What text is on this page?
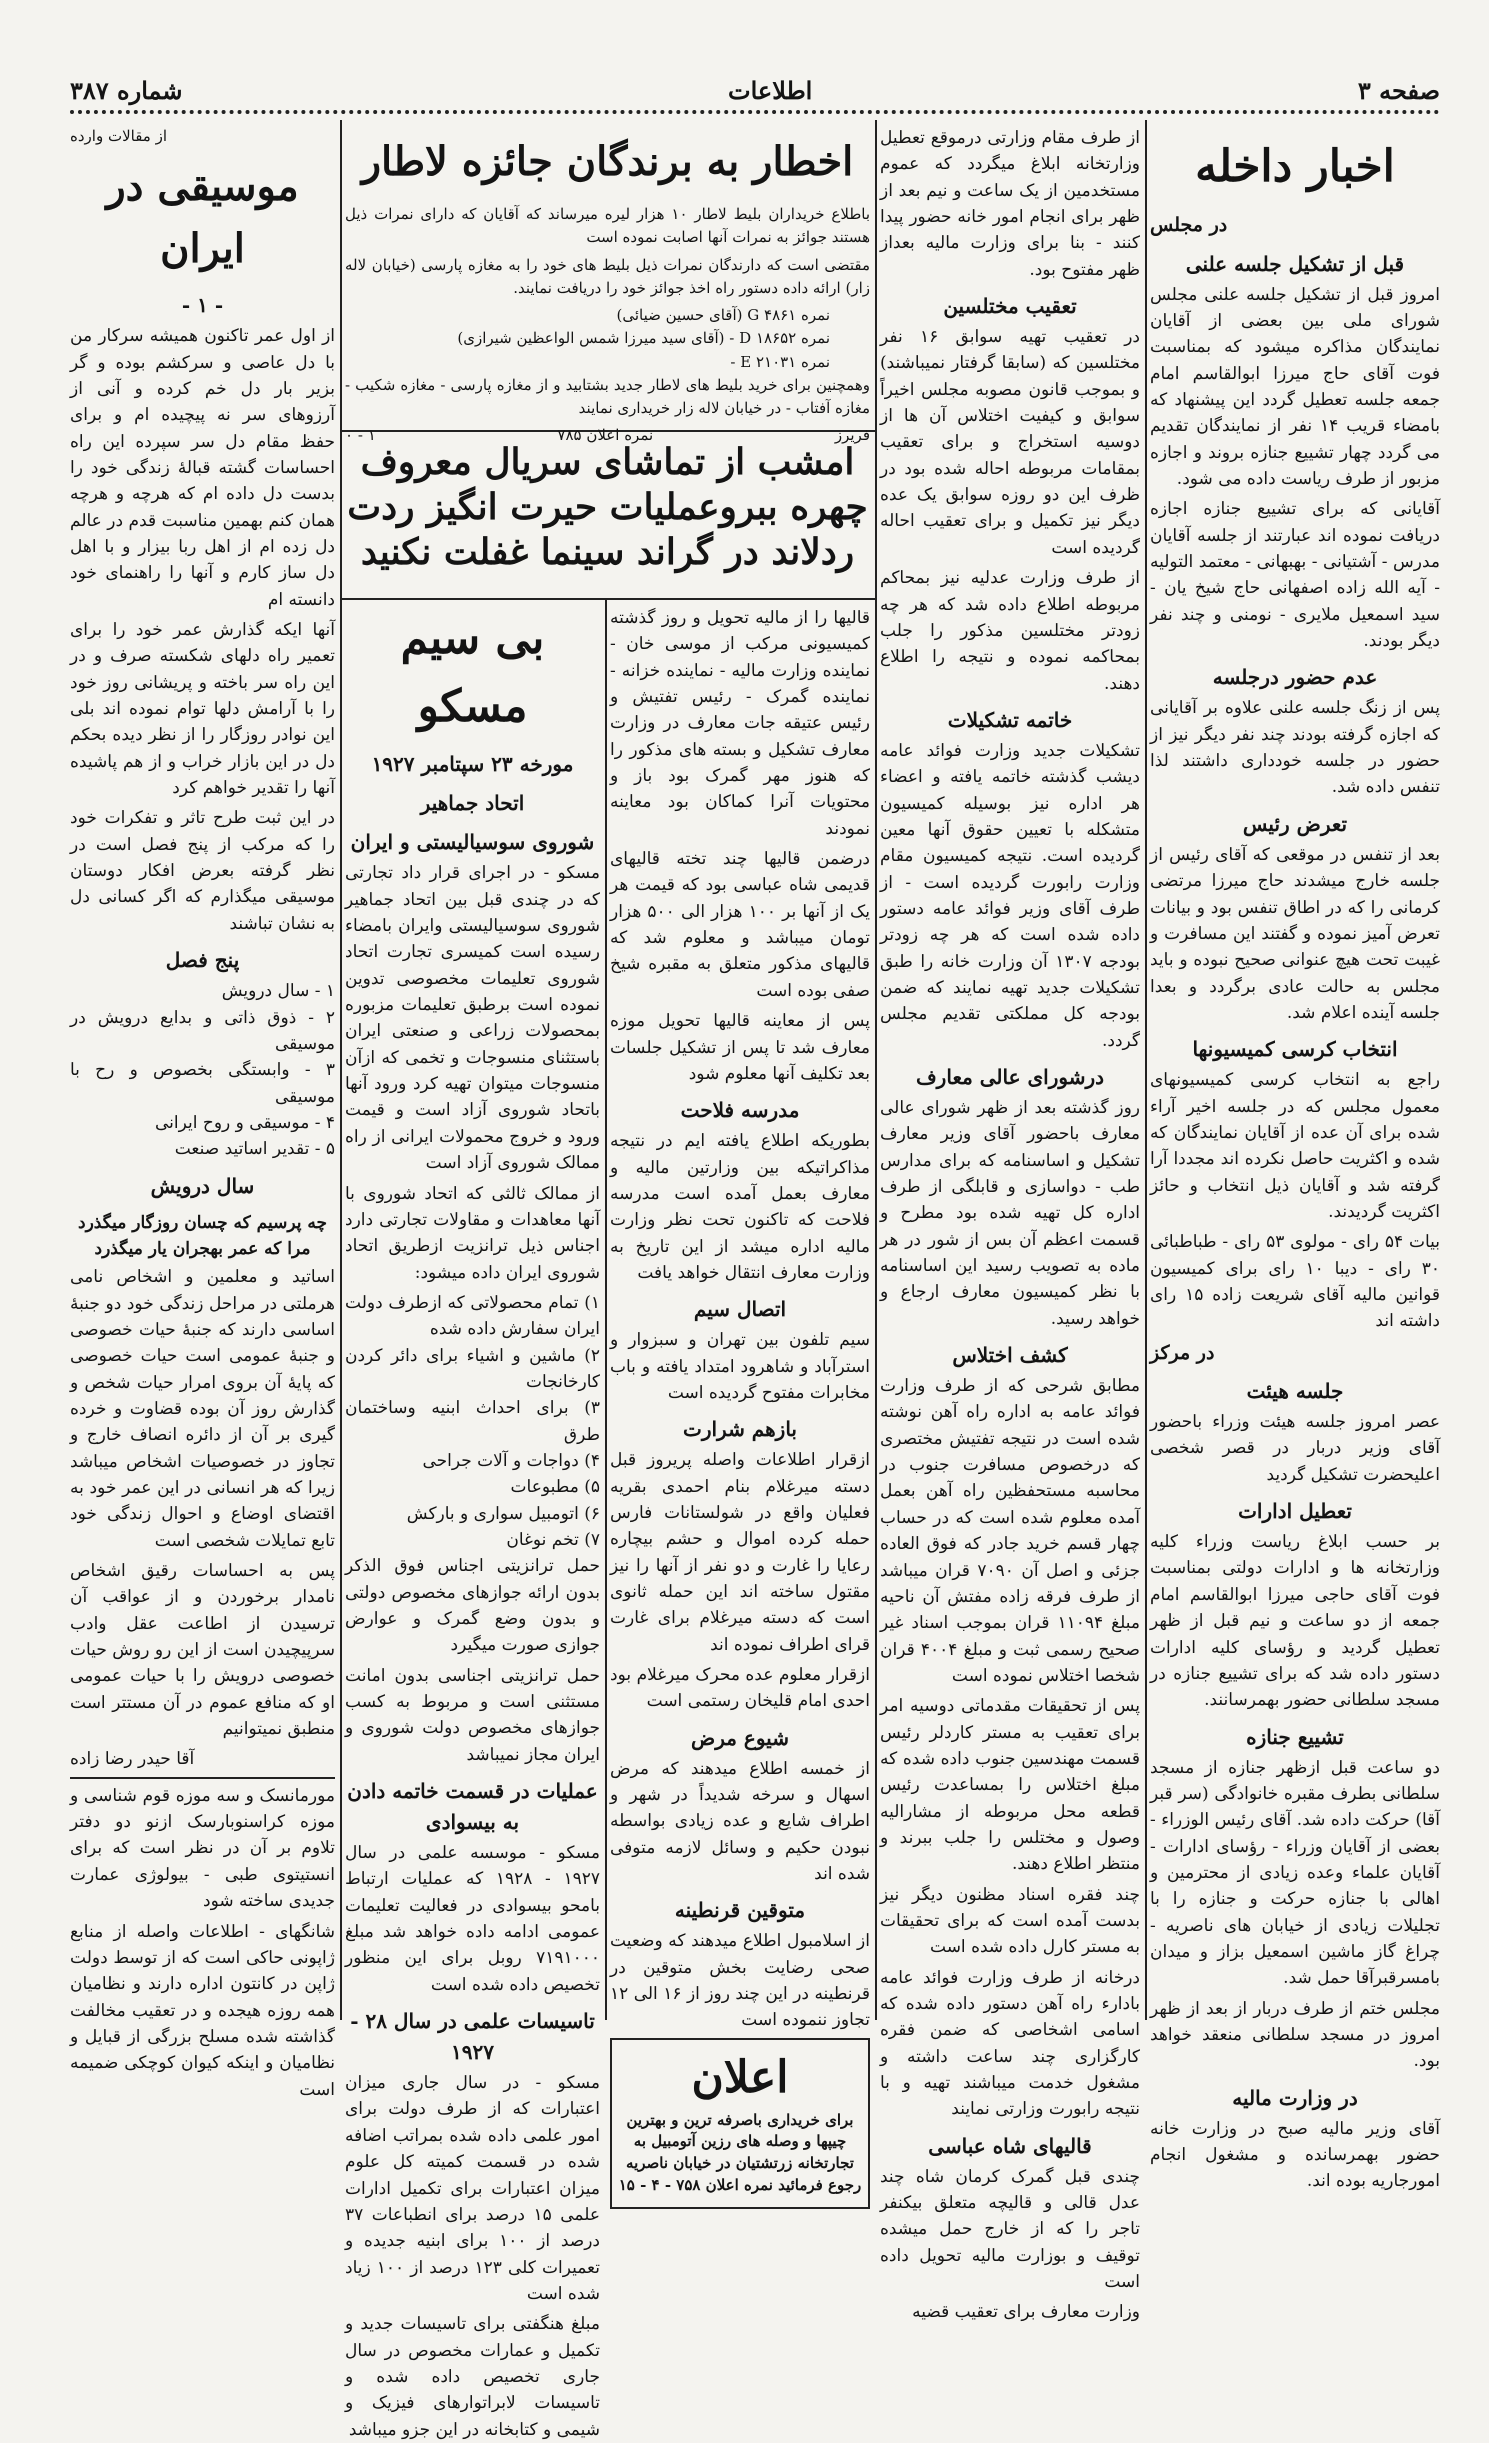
شماره ۳۸۷	اطلاعات	صفحه ۳
اخبار داخله
در مجلس
قبل از تشکیل جلسه علنی

امروز قبل از تشکیل جلسه علنی مجلس شورای ملی بین بعضی از آقایان نمایندگان مذاکره میشود که بمناسبت فوت آقای حاج میرزا ابوالقاسم امام جمعه جلسه تعطیل گردد این پیشنهاد که بامضاء قریب ۱۴ نفر از نمایندگان تقدیم می گردد چهار تشییع جنازه بروند و اجازه مزبور از طرف ریاست داده می شود.

آقایانی که برای تشییع جنازه اجازه دریافت نموده اند عبارتند از جلسه آقایان مدرس - آشتیانی - بهبهانی - معتمد التولیه - آیه الله زاده اصفهانی حاج شیخ یان - سید اسمعیل ملایری - نومنی و چند نفر دیگر بودند.

عدم حضور درجلسه

پس از زنگ جلسه علنی علاوه بر آقایانی که اجازه گرفته بودند چند نفر دیگر نیز از حضور در جلسه خودداری داشتند لذا تنفس داده شد.

تعرض رئیس

بعد از تنفس در موقعی که آقای رئیس از جلسه خارج میشدند حاج میرزا مرتضی کرمانی را که در اطاق تنفس بود و بیانات تعرض آمیز نموده و گفتند این مسافرت و غیبت تحت هیچ عنوانی صحیح نبوده و باید مجلس به حالت عادی برگردد و بعدا جلسه آینده اعلام شد.

انتخاب کرسی کمیسیونها

راجع به انتخاب کرسی کمیسیونهای معمول مجلس که در جلسه اخیر آراء شده برای آن عده از آقایان نمایندگان که شده و اکثریت حاصل نکرده اند مجددا آرا گرفته شد و آقایان ذیل انتخاب و حائز اکثریت گردیدند.

بیات ۵۴ رای - مولوی ۵۳ رای - طباطبائی ۳۰ رای - دیبا ۱۰ رای برای کمیسیون قوانین مالیه آقای شریعت زاده ۱۵ رای داشته اند

در مرکز
جلسه هیئت

عصر امروز جلسه هیئت وزراء باحضور آقای وزیر دربار در قصر شخصی اعلیحضرت تشکیل گردید

تعطیل ادارات

بر حسب ابلاغ ریاست وزراء کلیه وزارتخانه ها و ادارات دولتی بمناسبت فوت آقای حاجی میرزا ابوالقاسم امام جمعه از دو ساعت و نیم قبل از ظهر تعطیل گردید و رؤسای کلیه ادارات دستور داده شد که برای تشییع جنازه در مسجد سلطانی حضور بهمرسانند.

تشییع جنازه

دو ساعت قبل ازظهر جنازه از مسجد سلطانی بطرف مقبره خانوادگی (سر قبر آقا) حرکت داده شد. آقای رئیس الوزراء - بعضی از آقایان وزراء - رؤسای ادارات - آقایان علماء وعده زیادی از محترمین و اهالی با جنازه حرکت و جنازه را با تجلیلات زیادی از خیابان های ناصریه - چراغ گاز ماشین اسمعیل بزاز و میدان بامسرقبرآقا حمل شد.

مجلس ختم از طرف دربار از بعد از ظهر امروز در مسجد سلطانی منعقد خواهد بود.

در وزارت مالیه

آقای وزیر مالیه صبح در وزارت خانه حضور بهمرسانده و مشغول انجام امورجاریه بوده اند.

از طرف مقام وزارتی درموقع تعطیل وزارتخانه ابلاغ میگردد که عموم مستخدمین از یک ساعت و نیم بعد از ظهر برای انجام امور خانه حضور پیدا کنند - بنا برای وزارت مالیه بعداز ظهر مفتوح بود.

تعقیب مختلسین

در تعقیب تهیه سوابق ۱۶ نفر مختلسین که (سابقا گرفتار نمیباشند) و بموجب قانون مصوبه مجلس اخیراً سوابق و کیفیت اختلاس آن ها از دوسیه استخراج و برای تعقیب بمقامات مربوطه احاله شده بود در ظرف این دو روزه سوابق یک عده دیگر نیز تکمیل و برای تعقیب احاله گردیده است

از طرف وزارت عدلیه نیز بمحاکم مربوطه اطلاع داده شد که هر چه زودتر مختلسین مذکور را جلب بمحاکمه نموده و نتیجه را اطلاع دهند.

خاتمه تشکیلات

تشکیلات جدید وزارت فوائد عامه دیشب گذشته خاتمه یافته و اعضاء هر اداره نیز بوسیله کمیسیون متشکله با تعیین حقوق آنها معین گردیده است. نتیجه کمیسیون مقام وزارت رابورت گردیده است - از طرف آقای وزیر فوائد عامه دستور داده شده است که هر چه زودتر بودجه ۱۳۰۷ آن وزارت خانه را طبق تشکیلات جدید تهیه نمایند که ضمن بودجه کل مملکتی تقدیم مجلس گردد.

درشورای عالی معارف

روز گذشته بعد از ظهر شورای عالی معارف باحضور آقای وزیر معارف تشکیل و اساسنامه که برای مدارس طب - دواسازی و قابلگی از طرف اداره کل تهیه شده بود مطرح و قسمت اعظم آن بس از شور در هر ماده به تصویب رسید این اساسنامه با نظر کمیسیون معارف ارجاع و خواهد رسید.

کشف اختلاس

مطابق شرحی که از طرف وزارت فوائد عامه به اداره راه آهن نوشته شده است در نتیجه تفتیش مختصری که درخصوص مسافرت جنوب در محاسبه مستحفظین راه آهن بعمل آمده معلوم شده است که در حساب چهار قسم خرید جادر که فوق العاده جزئی و اصل آن ۷۰۹۰ قران میباشد از طرف فرقه زاده مفتش آن ناحیه مبلغ ۱۱۰۹۴ قران بموجب اسناد غیر صحیح رسمی ثبت و مبلغ ۴۰۰۴ قران شخصا اختلاس نموده است

پس از تحقیقات مقدماتی دوسیه امر برای تعقیب به مستر کاردلر رئیس قسمت مهندسین جنوب داده شده که مبلغ اختلاس را بمساعدت رئیس قطعه محل مربوطه از مشارالیه وصول و مختلس را جلب ببرند و منتظر اطلاع دهند.

چند فقره اسناد مظنون دیگر نیز بدست آمده است که برای تحقیقات به مستر کارل داده شده است

درخانه از طرف وزارت فوائد عامه بادارء راه آهن دستور داده شده که اسامی اشخاصی که ضمن فقره کارگزاری چند ساعت داشته و مشغول خدمت میباشند تهیه و با نتیجه رابورت وزارتی نمایند

قالیهای شاه عباسی

چندی قبل گمرک کرمان شاه چند عدل قالی و قالیچه متعلق بیکنفر تاجر را که از خارج حمل میشده توقیف و بوزارت مالیه تحویل داده است

وزارت معارف برای تعقیب قضیه

اخطار به برندگان جائزه لاطار

باطلاع خریداران بلیط لاطار ۱۰ هزار لیره میرساند که آقایان که دارای نمرات ذیل هستند جوائز به نمرات آنها اصابت نموده است

مقتضی است که دارندگان نمرات ذیل بلیط های خود را به مغازه پارسی (خیابان لاله زار) ارائه داده دستور راه اخذ جوائز خود را دریافت نمایند.

نمره ۴۸۶۱ G (آقای حسین ضیائی)
نمره ۱۸۶۵۲ D - (آقای سید میرزا شمس الواعظین شیرازی)
نمره ۲۱۰۳۱ E -

وهمچنین برای خرید بلیط های لاطار جدید بشتابید و از مغازه پارسی - مغازه شکیب - مغازه آفتاب - در خیابان لاله زار خریداری نمایند

فریرز
نمره اعلان ۷۸۵
۱ - ۰
امشب از تماشای سریال معروف چهره ببروعملیات حیرت انگیز ردت ردلاند در گراند سینما غفلت نکنید

قالیها را از مالیه تحویل و روز گذشته کمیسیونی مرکب از موسی خان - نماینده وزارت مالیه - نماینده خزانه - نماینده گمرک - رئیس تفتیش و رئیس عتیقه جات معارف در وزارت معارف تشکیل و بسته های مذکور را که هنوز مهر گمرک بود باز و محتویات آنرا کماکان بود معاینه نمودند

درضمن قالیها چند تخته قالیهای قدیمی شاه عباسی بود که قیمت هر یک از آنها بر ۱۰۰ هزار الی ۵۰۰ هزار تومان میباشد و معلوم شد که قالیهای مذکور متعلق به مقبره شیخ صفی بوده است

پس از معاینه قالیها تحویل موزه معارف شد تا پس از تشکیل جلسات بعد تکلیف آنها معلوم شود

مدرسه فلاحت

بطوریکه اطلاع یافته ایم در نتیجه مذاکراتیکه بین وزارتین مالیه و معارف بعمل آمده است مدرسه فلاحت که تاکنون تحت نظر وزارت مالیه اداره میشد از این تاریخ به وزارت معارف انتقال خواهد یافت

اتصال سیم

سیم تلفون بین تهران و سبزوار و استرآباد و شاهرود امتداد یافته و باب مخابرات مفتوح گردیده است

بازهم شرارت

ازقرار اطلاعات واصله پریروز قبل دسته میرغلام بنام احمدی بقریه فعلیان واقع در شولستانات فارس حمله کرده اموال و حشم بیچاره رعایا را غارت و دو نفر از آنها را نیز مقتول ساخته اند این حمله ثانوی است که دسته میرغلام برای غارت قرای اطراف نموده اند

ازقرار معلوم عده محرک میرغلام بود احدی امام قلیخان رستمی است

شیوع مرض

از خمسه اطلاع میدهند که مرض اسهال و سرخه شدیداً در شهر و اطراف شایع و عده زیادی بواسطه نبودن حکیم و وسائل لازمه متوفی شده اند

متوقین قرنطینه

از اسلامبول اطلاع میدهند که وضعیت صحی رضایت بخش متوقین در قرنطینه در این چند روز از ۱۶ الی ۱۲ تجاوز ننموده است

اعلان

برای خریداری باصرفه ترین و بهترین چیپها و وصله های رزین آتومبیل به تجارتخانه زرتشتیان در خیابان ناصریه رجوع فرمائید نمره اعلان ۷۵۸ - ۴ - ۱۵

بی سیم مسکو

مورخه ۲۳ سپتامبر ۱۹۲۷
اتحاد جماهیر
شوروی سوسیالیستی و ایران

مسکو - در اجرای قرار داد تجارتی که در چندی قبل بین اتحاد جماهیر شوروی سوسیالیستی وایران بامضاء رسیده است کمیسری تجارت اتحاد شوروی تعلیمات مخصوصی تدوین نموده است برطبق تعلیمات مزبوره بمحصولات زراعی و صنعتی ایران باستثنای منسوجات و تخمی که ازآن منسوجات میتوان تهیه کرد ورود آنها باتحاد شوروی آزاد است و قیمت ورود و خروج محمولات ایرانی از راه ممالک شوروی آزاد است

از ممالک ثالثی که اتحاد شوروی با آنها معاهدات و مقاولات تجارتی دارد اجناس ذیل ترانزیت ازطریق اتحاد شوروی ایران داده میشود:

۱) تمام محصولاتی که ازطرف دولت ایران سفارش داده شده
۲) ماشین و اشیاء برای دائر کردن کارخانجات
۳) برای احداث ابنیه وساختمان طرق
۴) دواجات و آلات جراحی
۵) مطبوعات
۶) اتومبیل سواری و بارکش
۷) تخم نوغان

حمل ترانزیتی اجناس فوق الذکر بدون ارائه جوازهای مخصوص دولتی و بدون وضع گمرک و عوارض جوازی صورت میگیرد

حمل ترانزیتی اجناسی بدون امانت مستثنی است و مربوط به کسب جوازهای مخصوص دولت شوروی و ایران مجاز نمیباشد

عملیات در قسمت خاتمه دادن به بیسوادی

مسکو - موسسه علمی در سال ۱۹۲۷ - ۱۹۲۸ که عملیات ارتباط بامحو بیسوادی در فعالیت تعلیمات عمومی ادامه داده خواهد شد مبلغ ۷۱۹۱۰۰۰ روبل برای این منظور تخصیص داده شده است

تاسیسات علمی در سال ۲۸ - ۱۹۲۷

مسکو - در سال جاری میزان اعتبارات که از طرف دولت برای امور علمی داده شده بمراتب اضافه شده در قسمت کمیته کل علوم میزان اعتبارات برای تکمیل ادارات علمی ۱۵ درصد برای انطباعات ۳۷ درصد از ۱۰۰ برای ابنیه جدیده و تعمیرات کلی ۱۲۳ درصد از ۱۰۰ زیاد شده است

مبلغ هنگفتی برای تاسیسات جدید و تکمیل و عمارات مخصوص در سال جاری تخصیص داده شده و تاسیسات لابراتوارهای فیزیک و شیمی و کتابخانه در این جزو میباشد

از مقالات وارده
موسیقی در ایران
- ۱ -

از اول عمر تاکنون همیشه سرکار من با دل عاصی و سرکشم بوده و گر بزیر بار دل خم کرده و آنی از آرزوهای سر نه پیچیده ام و برای حفظ مقام دل سر سپرده این راه احساسات گشته قبالهٔ زندگی خود را بدست دل داده ام که هرچه و هرچه همان کنم بهمین مناسبت قدم در عالم دل زده ام از اهل ربا بیزار و با اهل دل ساز کارم و آنها را راهنمای خود دانسته ام

آنها ایکه گذارش عمر خود را برای تعمیر راه دلهای شکسته صرف و در این راه سر باخته و پریشانی روز خود را با آرامش دلها توام نموده اند بلی این نوادر روزگار را از نظر دیده بحکم دل در این بازار خراب و از هم پاشیده آنها را تقدیر خواهم کرد

در این ثبت طرح تاثر و تفکرات خود را که مرکب از پنج فصل است در نظر گرفته بعرض افکار دوستان موسیقی میگذارم که اگر کسانی دل به نشان تباشند

پنج فصل
۱ - سال درویش
۲ - ذوق ذاتی و بدایع درویش در موسیقی
۳ - وابستگی بخصوص و رح با موسیقی
۴ - موسیقی و روح ایرانی
۵ - تقدیر اساتید صنعت
سال درویش
چه پرسیم که چسان روزگار میگذرد مرا که عمر بهجران یار میگذرد

اساتید و معلمین و اشخاص نامی هرملتی در مراحل زندگی خود دو جنبهٔ اساسی دارند که جنبهٔ حیات خصوصی و جنبهٔ عمومی است حیات خصوصی که پایهٔ آن بروی امرار حیات شخص و گذارش روز آن بوده قضاوت و خرده گیری بر آن از دائره انصاف خارج و تجاوز در خصوصیات اشخاص میباشد زیرا که هر انسانی در این عمر خود به اقتضای اوضاع و احوال زندگی خود تابع تمایلات شخصی است

پس به احساسات رقیق اشخاص نامدار برخوردن و از عواقب آن ترسیدن از اطاعت عقل وادب سرپیچیدن است از این رو روش حیات خصوصی درویش را با حیات عمومی او که منافع عموم در آن مستتر است منطبق نمیتوانیم

آقا حیدر رضا زاده

مورمانسک و سه موزه قوم شناسی و موزه کراسنوبارسک ازنو دو دفتر تلاوم بر آن در نظر است که برای انستیتوی طبی - بیولوژی عمارت جدیدی ساخته شود

شانگهای - اطلاعات واصله از منابع ژاپونی حاکی است که از توسط دولت ژاپن در کانتون اداره دارند و نظامیان همه روزه هیجده و در تعقیب مخالفت گذاشته شده مسلح بزرگی از قبایل و نظامیان و اینکه کیوان کوچکی ضمیمه است
